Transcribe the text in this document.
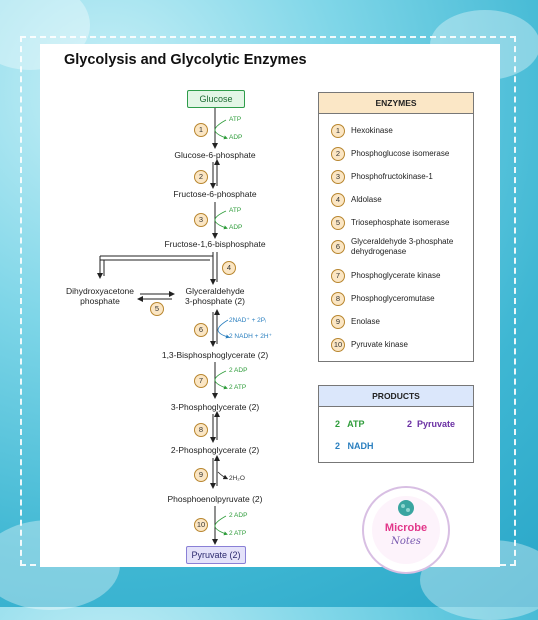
Glycolysis and Glycolytic Enzymes
Glucose
Glucose-6-phosphate
Fructose-6-phosphate
Fructose-1,6-bisphosphate
Dihydroxyacetone
phosphate
Glyceraldehyde
3-phosphate (2)
1,3-Bisphosphoglycerate (2)
3-Phosphoglycerate (2)
2-Phosphoglycerate (2)
Phosphoenolpyruvate (2)
Pyruvate (2)
1
2
3
4
5
6
7
8
9
10
ATP
ADP
ATP
ADP
2NAD⁺ + 2Pᵢ
2 NADH + 2H⁺
2 ADP
2 ATP
2H₂O
2 ADP
2 ATP
ENZYMES
1 Hexokinase
2 Phosphoglucose isomerase
3 Phosphofructokinase-1
4 Aldolase
5 Triosephosphate isomerase
6Glyceraldehyde 3-phosphate dehydrogenase
7 Phosphoglycerate kinase
8 Phosphoglyceromutase
9 Enolase
10 Pyruvate kinase
PRODUCTS
2   ATP	2  Pyruvate
2   NADH
Microbe
Notes
